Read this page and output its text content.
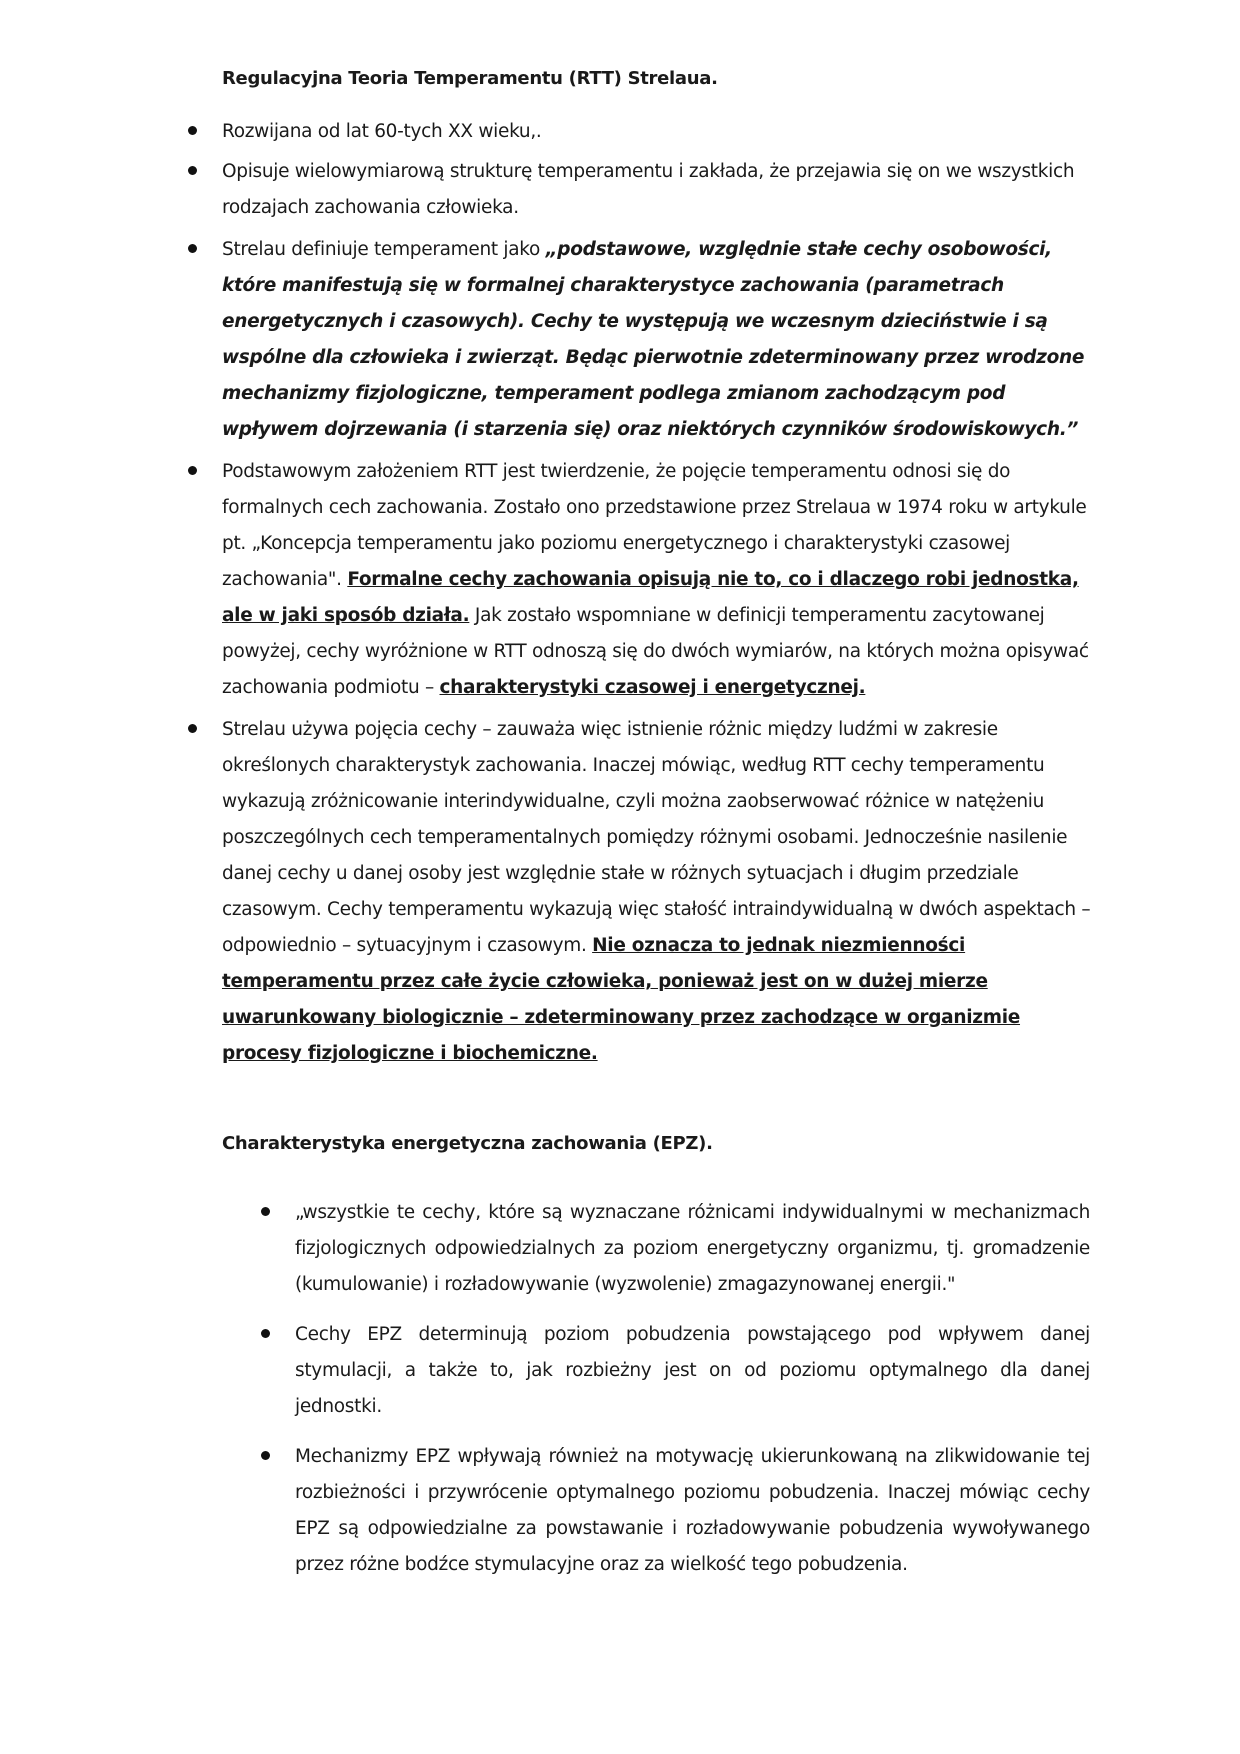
Regulacyjna Teoria Temperamentu (RTT) Strelaua.
Rozwijana od lat 60-tych XX wieku,.
Opisuje wielowymiarową strukturę temperamentu i zakłada, że przejawia się on we wszystkich rodzajach zachowania człowieka.
Strelau definiuje temperament jako „podstawowe, względnie stałe cechy osobowości, które manifestują się w formalnej charakterystyce zachowania (parametrach energetycznych i czasowych). Cechy te występują we wczesnym dzieciństwie i są wspólne dla człowieka i zwierząt. Będąc pierwotnie zdeterminowany przez wrodzone mechanizmy fizjologiczne, temperament podlega zmianom zachodzącym pod wpływem dojrzewania (i starzenia się) oraz niektórych czynników środowiskowych.”
Podstawowym założeniem RTT jest twierdzenie, że pojęcie temperamentu odnosi się do formalnych cech zachowania. Zostało ono przedstawione przez Strelaua w 1974 roku w artykule pt. „Koncepcja temperamentu jako poziomu energetycznego i charakterystyki czasowej zachowania". Formalne cechy zachowania opisują nie to, co i dlaczego robi jednostka, ale w jaki sposób działa. Jak zostało wspomniane w definicji temperamentu zacytowanej powyżej, cechy wyróżnione w RTT odnoszą się do dwóch wymiarów, na których można opisywać zachowania podmiotu – charakterystyki czasowej i energetycznej.
Strelau używa pojęcia cechy – zauważa więc istnienie różnic między ludźmi w zakresie określonych charakterystyk zachowania. Inaczej mówiąc, według RTT cechy temperamentu wykazują zróżnicowanie interindywidualne, czyli można zaobserwować różnice w natężeniu poszczególnych cech temperamentalnych pomiędzy różnymi osobami. Jednocześnie nasilenie danej cechy u danej osoby jest względnie stałe w różnych sytuacjach i długim przedziale czasowym. Cechy temperamentu wykazują więc stałość intraindywidualną w dwóch aspektach – odpowiednio – sytuacyjnym i czasowym. Nie oznacza to jednak niezmienności temperamentu przez całe życie człowieka, ponieważ jest on w dużej mierze uwarunkowany biologicznie – zdeterminowany przez zachodzące w organizmie procesy fizjologiczne i biochemiczne.
Charakterystyka energetyczna zachowania (EPZ).
„wszystkie te cechy, które są wyznaczane różnicami indywidualnymi w mechanizmach fizjologicznych odpowiedzialnych za poziom energetyczny organizmu, tj. gromadzenie (kumulowanie) i rozładowywanie (wyzwolenie) zmagazynowanej energii."
Cechy EPZ determinują poziom pobudzenia powstającego pod wpływem danej stymulacji, a także to, jak rozbieżny jest on od poziomu optymalnego dla danej jednostki.
Mechanizmy EPZ wpływają również na motywację ukierunkowaną na zlikwidowanie tej rozbieżności i przywrócenie optymalnego poziomu pobudzenia. Inaczej mówiąc cechy EPZ są odpowiedzialne za powstawanie i rozładowywanie pobudzenia wywoływanego przez różne bodźce stymulacyjne oraz za wielkość tego pobudzenia.
